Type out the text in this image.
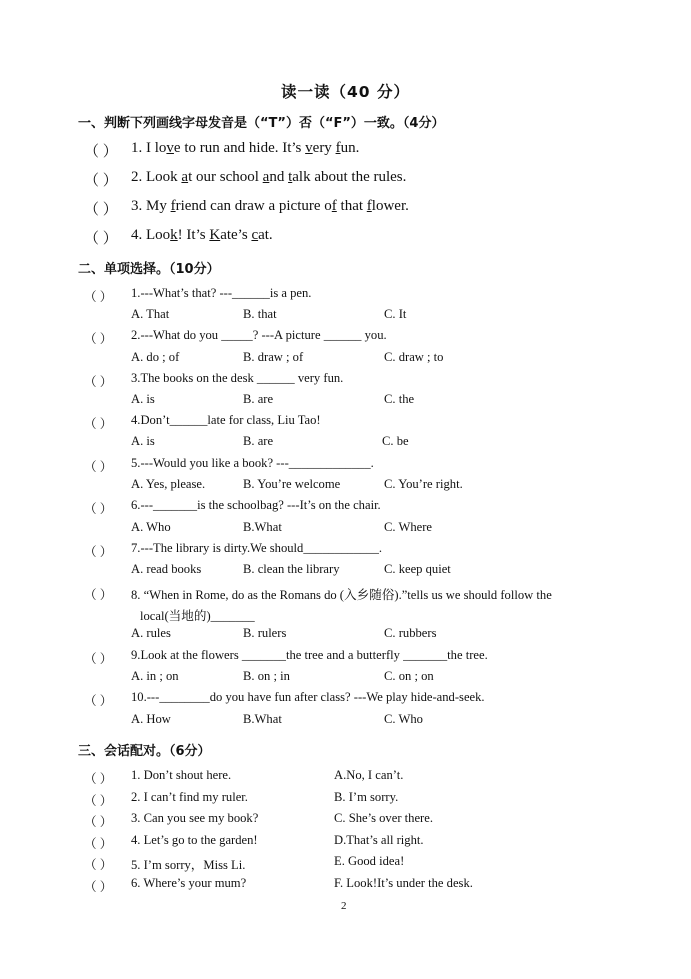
读一读（40 分）
一、判断下列画线字母发音是（“T”）否（“F”）一致。（4分）
（ ） 1. I love to run and hide. It’s very fun.
（ ） 2. Look at our school and talk about the rules.
（ ） 3. My friend can draw a picture of that flower.
（ ） 4. Look! It’s Kate’s cat.
二、单项选择。（10分）
（ ） 1.---What’s that? ---______is a pen.
A. That	B. that	C. It
（ ） 2.---What do you _____? ---A picture ______ you.
A. do ; of	B. draw ; of	C. draw ; to
（ ） 3.The books on the desk ______ very fun.
A. is	B. are	C. the
（ ） 4.Don’t______late for class, Liu Tao!
A. is	B. are	C. be
（ ） 5.---Would you like a book? ---_____________.
A. Yes, please.	B. You’re welcome	C. You’re right.
（ ） 6.---_______is the schoolbag? ---It’s on the chair.
A. Who	B.What	C. Where
（ ） 7.---The library is dirty.We should____________.
A. read books	B. clean the library	C. keep quiet
（ ） 8. “When in Rome, do as the Romans do (入乡随俗).”tells us we should follow the
local(当地的)_______
A. rules	B. rulers	C. rubbers
（ ） 9.Look at the flowers _______the tree and a butterfly _______the tree.
A. in ; on	B. on ; in	C. on ; on
（ ） 10.---________do you have fun after class? ---We play hide-and-seek.
A. How	B.What	C. Who
三、会话配对。（6分）
（ ） 1. Don’t shout here.	A.No, I can’t.
（ ） 2. I can’t find my ruler.	B. I’m sorry.
（ ） 3. Can you see my book?	C. She’s over there.
（ ） 4. Let’s go to the garden!	D.That’s all right.
（ ） 5. I’m sorry，Miss Li.	E. Good idea!
（ ） 6. Where’s your mum?	F. Look!It’s under the desk.
2
